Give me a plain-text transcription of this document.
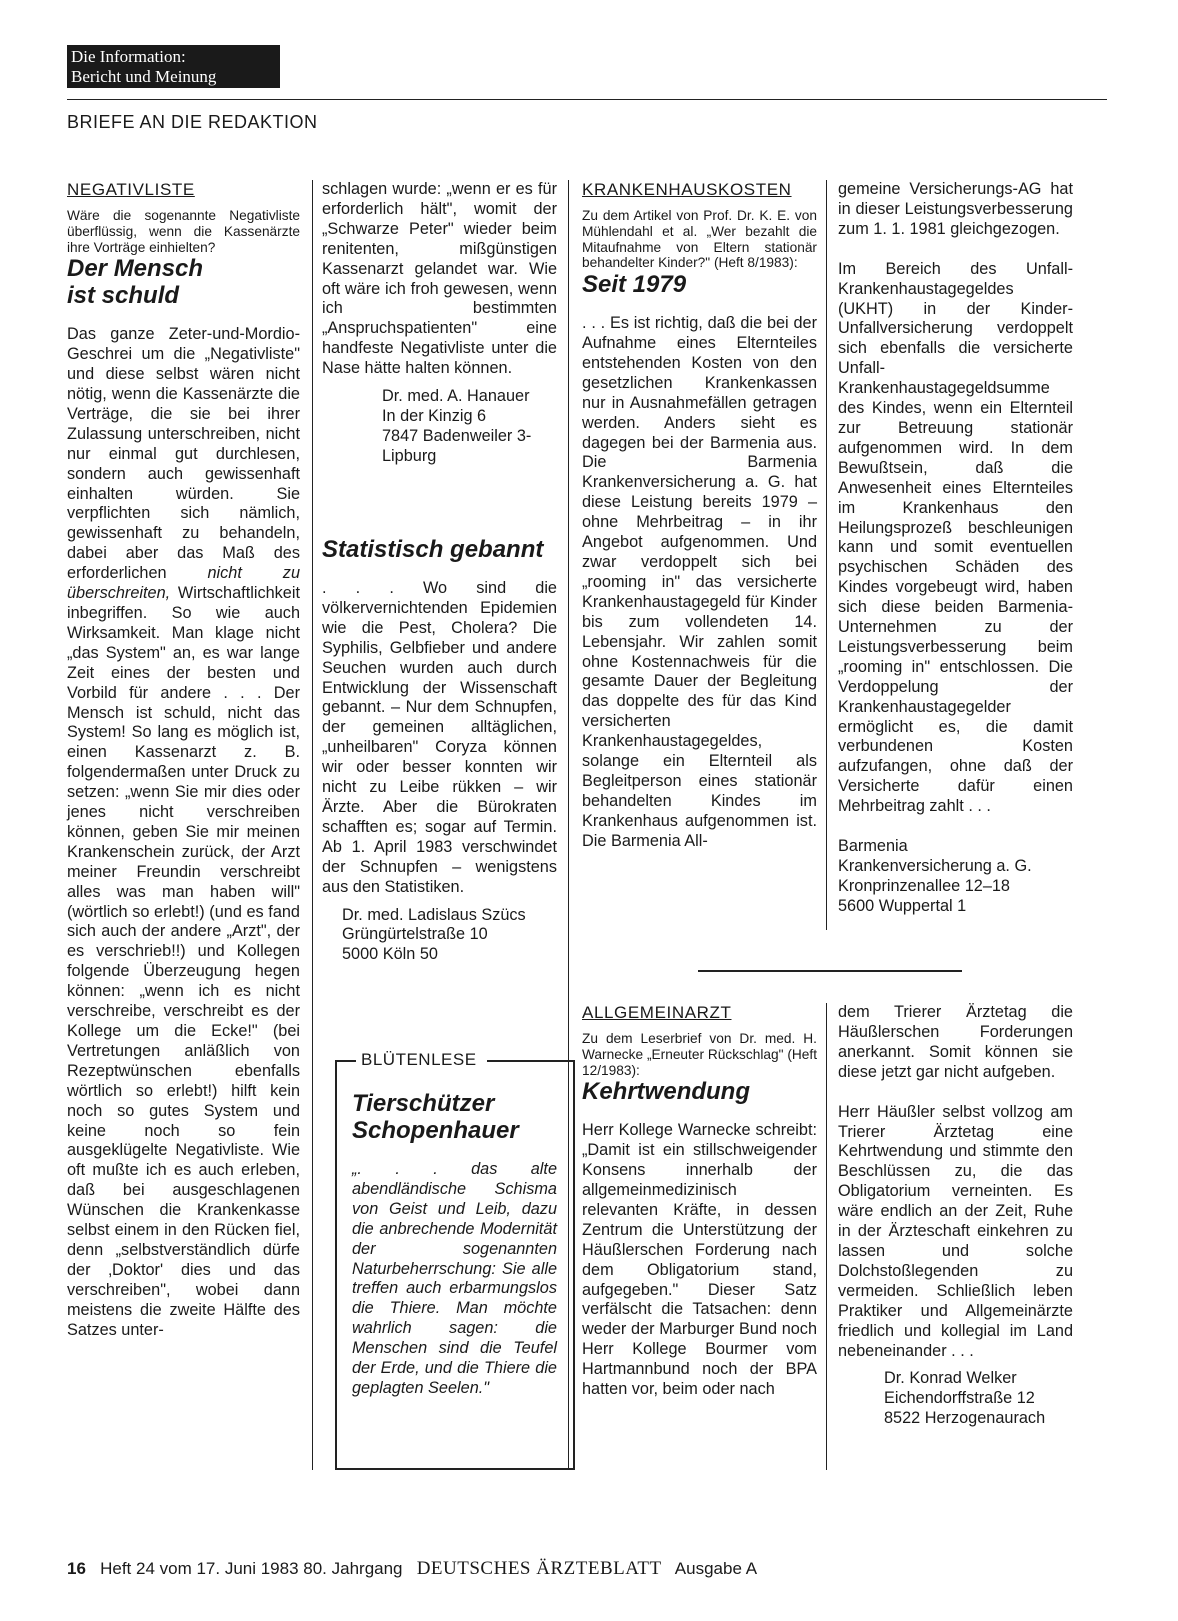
Die Information:
Bericht und Meinung
BRIEFE AN DIE REDAKTION
NEGATIVLISTE

Wäre die sogenannte Negativliste überflüssig, wenn die Kassenärzte ihre Vorträge einhielten?

Der Mensch
ist schuld

Das ganze Zeter-und-Mordio-Geschrei um die „Negativliste" und diese selbst wären nicht nötig, wenn die Kassenärzte die Verträge, die sie bei ihrer Zulassung unterschreiben, nicht nur einmal gut durchlesen, sondern auch gewissenhaft einhalten würden. Sie verpflichten sich nämlich, gewissenhaft zu behandeln, dabei aber das Maß des erforderlichen nicht zu überschreiten, Wirtschaftlichkeit inbegriffen. So wie auch Wirksamkeit. Man klage nicht „das System" an, es war lange Zeit eines der besten und Vorbild für andere . . . Der Mensch ist schuld, nicht das System! So lang es möglich ist, einen Kassenarzt z. B. folgendermaßen unter Druck zu setzen: „wenn Sie mir dies oder jenes nicht verschreiben können, geben Sie mir meinen Krankenschein zurück, der Arzt meiner Freundin verschreibt alles was man haben will" (wörtlich so erlebt!) (und es fand sich auch der andere „Arzt", der es verschrieb!!) und Kollegen folgende Überzeugung hegen können: „wenn ich es nicht verschreibe, verschreibt es der Kollege um die Ecke!" (bei Vertretungen anläßlich von Rezeptwünschen ebenfalls wörtlich so erlebt!) hilft kein noch so gutes System und keine noch so fein ausgeklügelte Negativliste. Wie oft mußte ich es auch erleben, daß bei ausgeschlagenen Wünschen die Krankenkasse selbst einem in den Rücken fiel, denn „selbstverständlich dürfe der ‚Doktor' dies und das verschreiben", wobei dann meistens die zweite Hälfte des Satzes unter-

schlagen wurde: „wenn er es für erforderlich hält", womit der „Schwarze Peter" wieder beim renitenten, mißgünstigen Kassenarzt gelandet war. Wie oft wäre ich froh gewesen, wenn ich bestimmten „Anspruchspatienten" eine handfeste Negativliste unter die Nase hätte halten können.

Dr. med. A. Hanauer
In der Kinzig 6
7847 Badenweiler 3-
Lipburg
Statistisch gebannt

. . . Wo sind die völkervernichtenden Epidemien wie die Pest, Cholera? Die Syphilis, Gelbfieber und andere Seuchen wurden auch durch Entwicklung der Wissenschaft gebannt. – Nur dem Schnupfen, der gemeinen alltäglichen, „unheilbaren" Coryza können wir oder besser konnten wir nicht zu Leibe rükken – wir Ärzte. Aber die Bürokraten schafften es; sogar auf Termin. Ab 1. April 1983 verschwindet der Schnupfen – wenigstens aus den Statistiken.

Dr. med. Ladislaus Szücs
Grüngürtelstraße 10
5000 Köln 50
BLÜTENLESE
Tierschützer
Schopenhauer

„. . . das alte abendländische Schisma von Geist und Leib, dazu die anbrechende Modernität der sogenannten Naturbeherrschung: Sie alle treffen auch erbarmungslos die Thiere. Man möchte wahrlich sagen: die Menschen sind die Teufel der Erde, und die Thiere die geplagten Seelen."

KRANKENHAUSKOSTEN

Zu dem Artikel von Prof. Dr. K. E. von Mühlendahl et al. „Wer bezahlt die Mitaufnahme von Eltern stationär behandelter Kinder?" (Heft 8/1983):

Seit 1979

. . . Es ist richtig, daß die bei der Aufnahme eines Elternteiles entstehenden Kosten von den gesetzlichen Krankenkassen nur in Ausnahmefällen getragen werden. Anders sieht es dagegen bei der Barmenia aus. Die Barmenia Krankenversicherung a. G. hat diese Leistung bereits 1979 – ohne Mehrbeitrag – in ihr Angebot aufgenommen. Und zwar verdoppelt sich bei „rooming in" das versicherte Krankenhaustagegeld für Kinder bis zum vollendeten 14. Lebensjahr. Wir zahlen somit ohne Kostennachweis für die gesamte Dauer der Begleitung das doppelte des für das Kind versicherten Krankenhaustagegeldes, solange ein Elternteil als Begleitperson eines stationär behandelten Kindes im Krankenhaus aufgenommen ist. Die Barmenia All-

gemeine Versicherungs-AG hat in dieser Leistungsverbesserung zum 1. 1. 1981 gleichgezogen.

Im Bereich des Unfall-Krankenhaustagegeldes (UKHT) in der Kinder-Unfallversicherung verdoppelt sich ebenfalls die versicherte Unfall-Krankenhaustagegeldsumme des Kindes, wenn ein Elternteil zur Betreuung stationär aufgenommen wird. In dem Bewußtsein, daß die Anwesenheit eines Elternteiles im Krankenhaus den Heilungsprozeß beschleunigen kann und somit eventuellen psychischen Schäden des Kindes vorgebeugt wird, haben sich diese beiden Barmenia-Unternehmen zu der Leistungsverbesserung beim „rooming in" entschlossen. Die Verdoppelung der Krankenhaustagegelder ermöglicht es, die damit verbundenen Kosten aufzufangen, ohne daß der Versicherte dafür einen Mehrbeitrag zahlt . . .

Barmenia
Krankenversicherung a. G.
Kronprinzenallee 12–18
5600 Wuppertal 1
ALLGEMEINARZT

Zu dem Leserbrief von Dr. med. H. Warnecke „Erneuter Rückschlag" (Heft 12/1983):

Kehrtwendung

Herr Kollege Warnecke schreibt: „Damit ist ein stillschweigender Konsens innerhalb der allgemeinmedizinisch relevanten Kräfte, in dessen Zentrum die Unterstützung der Häußlerschen Forderung nach dem Obligatorium stand, aufgegeben." Dieser Satz verfälscht die Tatsachen: denn weder der Marburger Bund noch Herr Kollege Bourmer vom Hartmannbund noch der BPA hatten vor, beim oder nach

dem Trierer Ärztetag die Häußlerschen Forderungen anerkannt. Somit können sie diese jetzt gar nicht aufgeben.

Herr Häußler selbst vollzog am Trierer Ärztetag eine Kehrtwendung und stimmte den Beschlüssen zu, die das Obligatorium verneinten. Es wäre endlich an der Zeit, Ruhe in der Ärzteschaft einkehren zu lassen und solche Dolchstoßlegenden zu vermeiden. Schließlich leben Praktiker und Allgemeinärzte friedlich und kollegial im Land nebeneinander . . .

Dr. Konrad Welker
Eichendorffstraße 12
8522 Herzogenaurach
16 Heft 24 vom 17. Juni 1983 80. Jahrgang DEUTSCHES ÄRZTEBLATT Ausgabe A
